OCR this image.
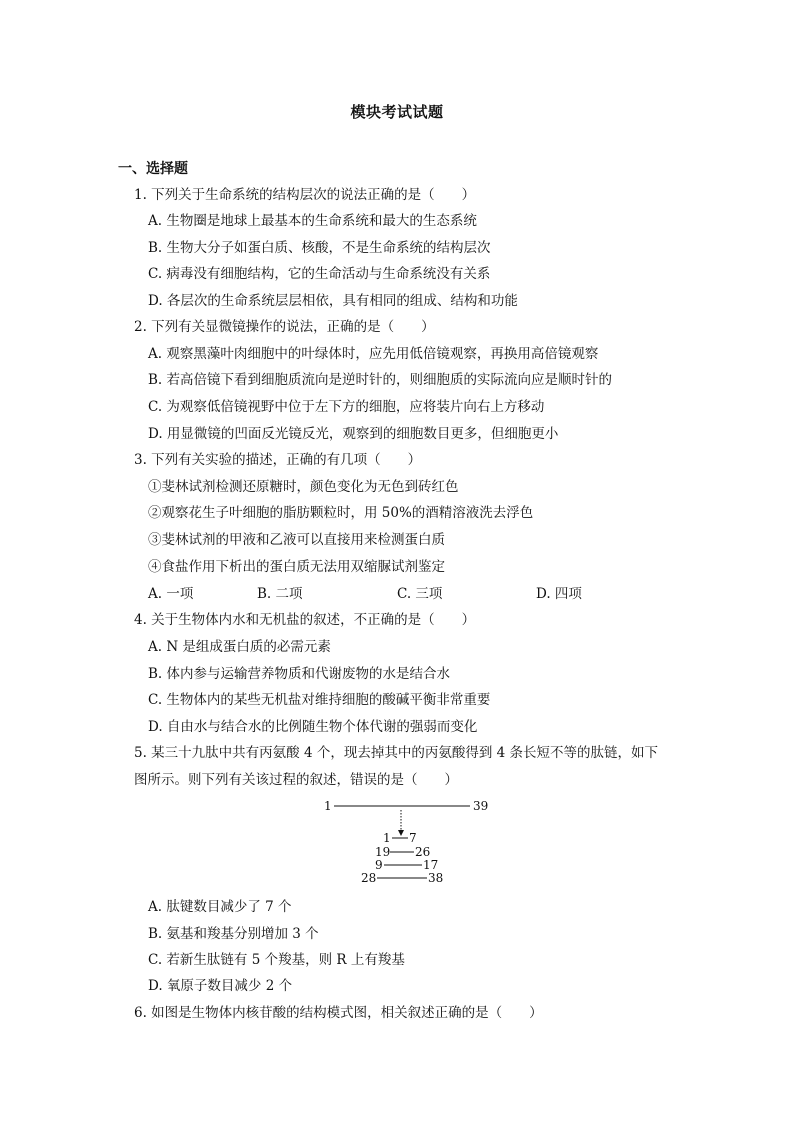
模块考试试题
一、选择题
1. 下列关于生命系统的结构层次的说法正确的是（　　）
A. 生物圈是地球上最基本的生命系统和最大的生态系统
B. 生物大分子如蛋白质、核酸，不是生命系统的结构层次
C. 病毒没有细胞结构，它的生命活动与生命系统没有关系
D. 各层次的生命系统层层相依，具有相同的组成、结构和功能
2. 下列有关显微镜操作的说法，正确的是（　　）
A. 观察黑藻叶肉细胞中的叶绿体时，应先用低倍镜观察，再换用高倍镜观察
B. 若高倍镜下看到细胞质流向是逆时针的，则细胞质的实际流向应是顺时针的
C. 为观察低倍镜视野中位于左下方的细胞，应将装片向右上方移动
D. 用显微镜的凹面反光镜反光，观察到的细胞数目更多，但细胞更小
3. 下列有关实验的描述，正确的有几项（　　）
①斐林试剂检测还原糖时，颜色变化为无色到砖红色
②观察花生子叶细胞的脂肪颗粒时，用 50%的酒精溶液洗去浮色
③斐林试剂的甲液和乙液可以直接用来检测蛋白质
④食盐作用下析出的蛋白质无法用双缩脲试剂鉴定
A. 一项	B. 二项	C. 三项	D. 四项
4. 关于生物体内水和无机盐的叙述，不正确的是（　　）
A. N 是组成蛋白质的必需元素
B. 体内参与运输营养物质和代谢废物的水是结合水
C. 生物体内的某些无机盐对维持细胞的酸碱平衡非常重要
D. 自由水与结合水的比例随生物个体代谢的强弱而变化
5. 某三十九肽中共有丙氨酸 4 个，现去掉其中的丙氨酸得到 4 条长短不等的肽链，如下图所示。则下列有关该过程的叙述，错误的是（　　）
1	39
1 7
19 26
9	17
28	38
A. 肽键数目减少了 7 个
B. 氨基和羧基分别增加 3 个
C. 若新生肽链有 5 个羧基，则 R 上有羧基
D. 氧原子数目减少 2 个
6. 如图是生物体内核苷酸的结构模式图，相关叙述正确的是（　　）
